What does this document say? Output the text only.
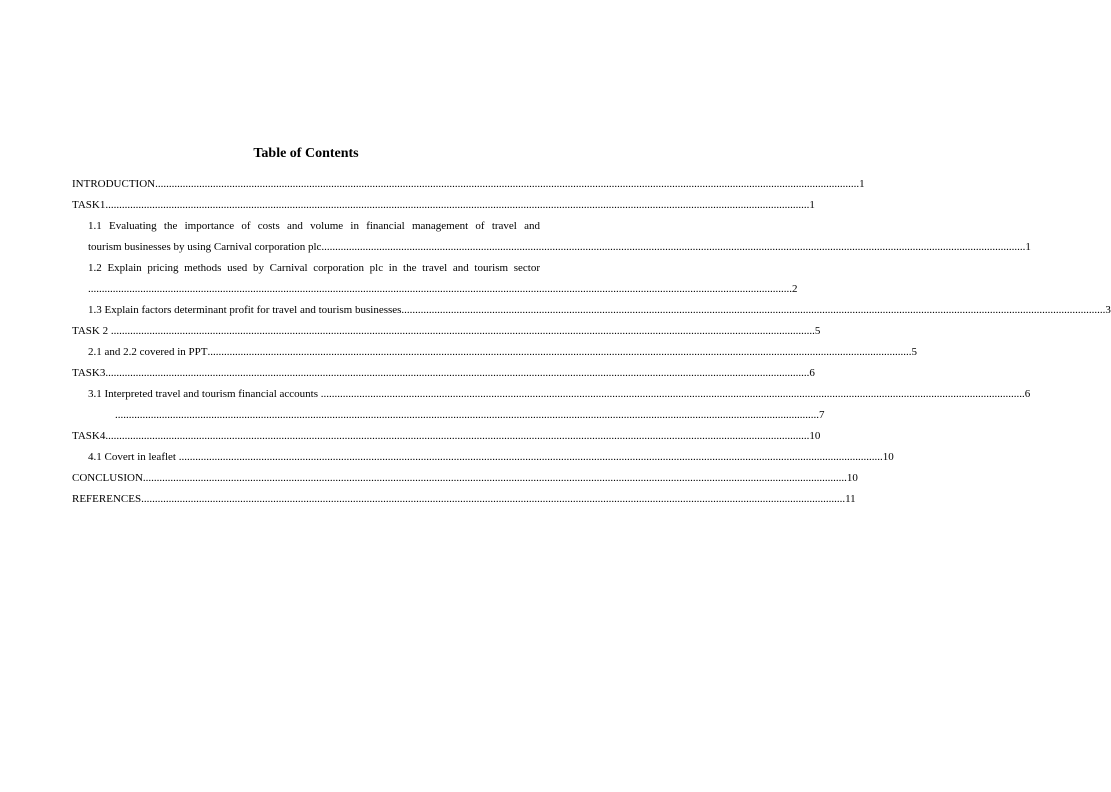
Table of Contents
INTRODUCTION ................................................................................................................................................................................................................................................................ 1
TASK1 ................................................................................................................................................................................................................................................................ 1
1.1 Evaluating the importance of costs and volume in financial management of travel and
tourism businesses by using Carnival corporation plc ................................................................................................................................................................................................................................................................ 1
1.2 Explain pricing methods used by Carnival corporation plc in the travel and tourism sector
................................................................................................................................................................................................................................................................ 2
1.3 Explain factors determinant profit for travel and tourism businesses ................................................................................................................................................................................................................................................................ 3
TASK 2 ................................................................................................................................................................................................................................................................ 5
2.1 and 2.2 covered in PPT ................................................................................................................................................................................................................................................................ 5
TASK3 ................................................................................................................................................................................................................................................................ 6
3.1 Interpreted travel and tourism financial accounts ................................................................................................................................................................................................................................................................ 6
................................................................................................................................................................................................................................................................ 7
TASK4 ................................................................................................................................................................................................................................................................ 10
4.1 Covert in leaflet ................................................................................................................................................................................................................................................................ 10
CONCLUSION ................................................................................................................................................................................................................................................................ 10
REFERENCES ................................................................................................................................................................................................................................................................ 11
